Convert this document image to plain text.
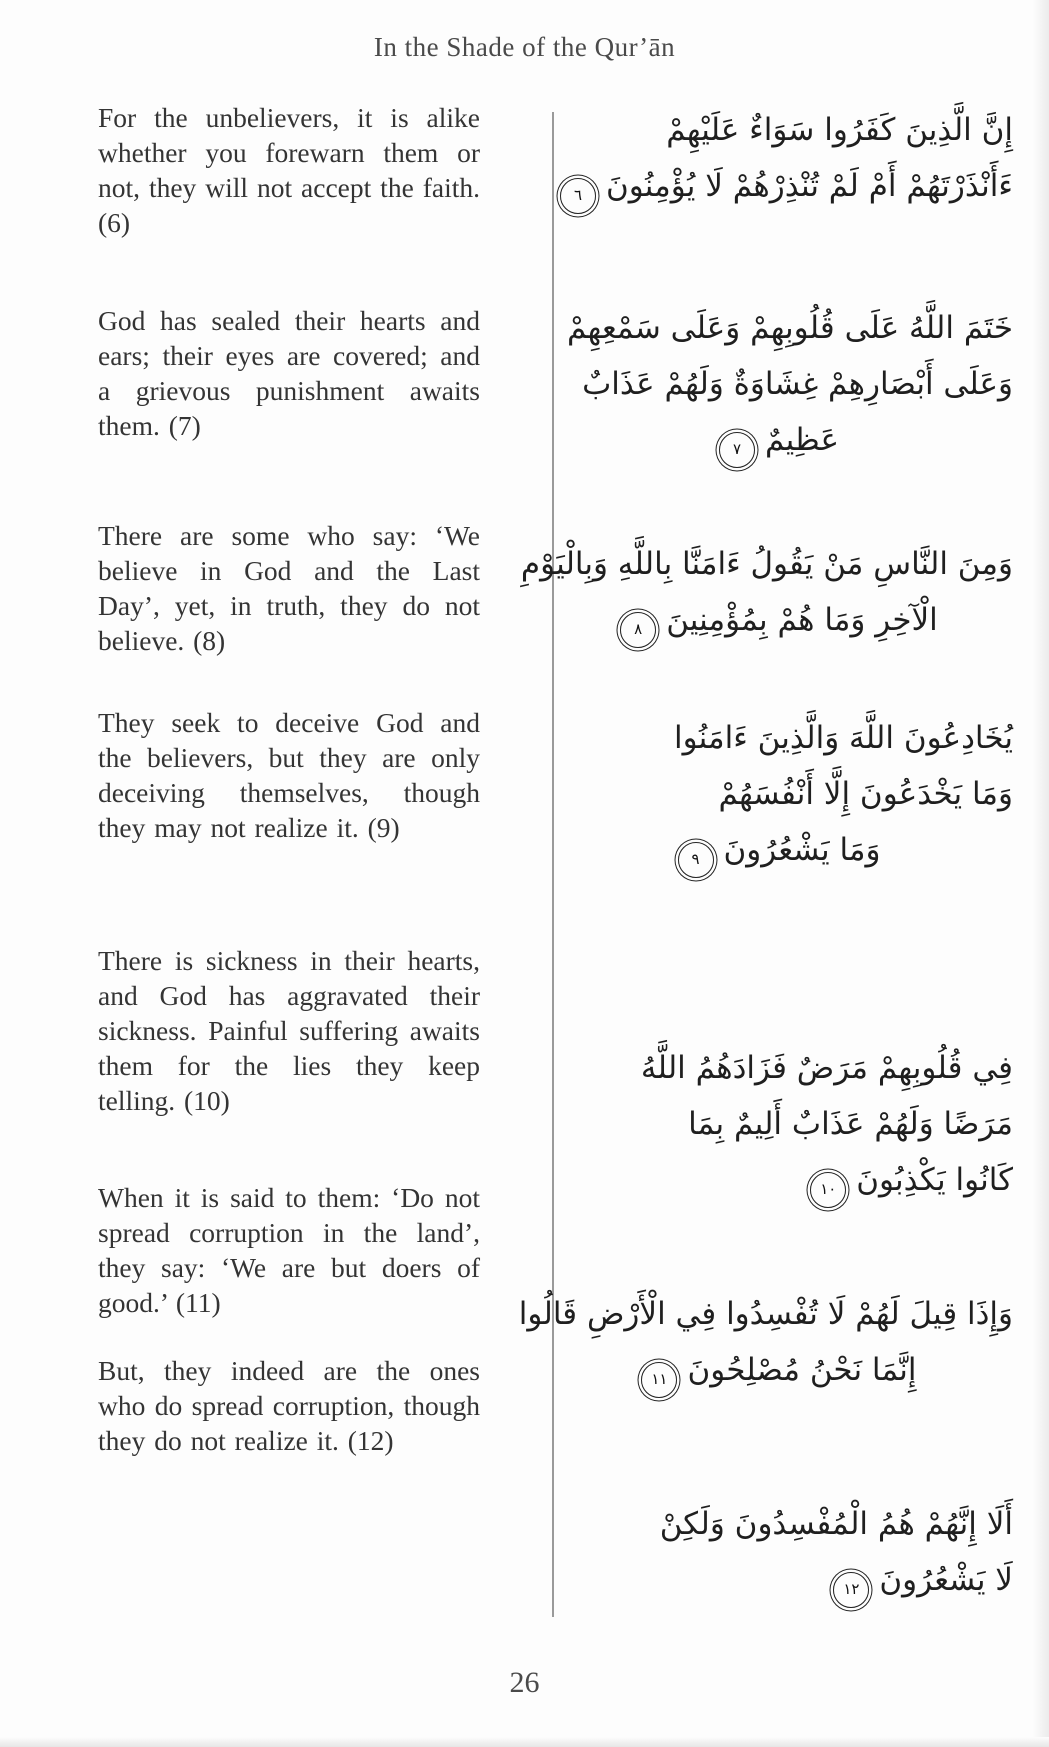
In the Shade of the Qur’ān
For the unbelievers, it is alike whether you forewarn them or not, they will not accept the faith. (6)
God has sealed their hearts and ears; their eyes are covered; and a grievous punishment awaits them. (7)
There are some who say: ‘We believe in God and the Last Day’, yet, in truth, they do not believe. (8)
They seek to deceive God and the believers, but they are only deceiving themselves, though they may not realize it. (9)
There is sickness in their hearts, and God has aggravated their sickness. Painful suffering awaits them for the lies they keep telling. (10)
When it is said to them: ‘Do not spread corruption in the land’, they say: ‘We are but doers of good.’ (11)
But, they indeed are the ones who do spread corruption, though they do not realize it. (12)
إِنَّ الَّذِينَ كَفَرُوا سَوَاءٌ عَلَيْهِمْ
ءَأَنْذَرْتَهُمْ أَمْ لَمْ تُنْذِرْهُمْ لَا يُؤْمِنُونَ٦
خَتَمَ اللَّهُ عَلَى قُلُوبِهِمْ وَعَلَى سَمْعِهِمْ
وَعَلَى أَبْصَارِهِمْ غِشَاوَةٌ وَلَهُمْ عَذَابٌ
عَظِيمٌ٧
وَمِنَ النَّاسِ مَنْ يَقُولُ ءَامَنَّا بِاللَّهِ وَبِالْيَوْمِ
الْآخِرِ وَمَا هُمْ بِمُؤْمِنِينَ٨
يُخَادِعُونَ اللَّهَ وَالَّذِينَ ءَامَنُوا
وَمَا يَخْدَعُونَ إِلَّا أَنْفُسَهُمْ
وَمَا يَشْعُرُونَ٩
فِي قُلُوبِهِمْ مَرَضٌ فَزَادَهُمُ اللَّهُ
مَرَضًا وَلَهُمْ عَذَابٌ أَلِيمٌ بِمَا
كَانُوا يَكْذِبُونَ١٠
وَإِذَا قِيلَ لَهُمْ لَا تُفْسِدُوا فِي الْأَرْضِ قَالُوا
إِنَّمَا نَحْنُ مُصْلِحُونَ١١
أَلَا إِنَّهُمْ هُمُ الْمُفْسِدُونَ وَلَكِنْ
لَا يَشْعُرُونَ١٢
26
